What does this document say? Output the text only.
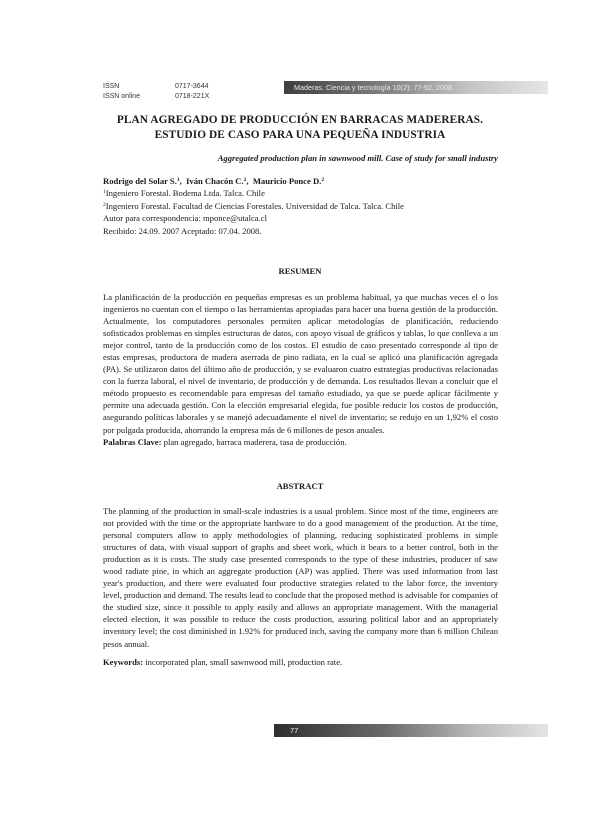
ISSN	0717-3644
ISSN online	0718-221X
Maderas. Ciencia y tecnología 10(2): 77-92, 2008
PLAN AGREGADO DE PRODUCCIÓN EN BARRACAS MADERERAS.
ESTUDIO DE CASO PARA UNA PEQUEÑA INDUSTRIA
Aggregated production plan in sawnwood mill. Case of study for small industry
Rodrigo del Solar S.$^1$,  Iván Chacón C.$^2$,  Mauricio Ponce D.$^2$
$^1$Ingeniero Forestal. Bodema Ltda. Talca. Chile
$^2$Ingeniero Forestal. Facultad de Ciencias Forestales. Universidad de Talca. Talca. Chile
Autor para correspondencia: mponce@utalca.cl
Recibido: 24.09. 2007 Aceptado: 07.04. 2008.
RESUMEN
La planificación de la producción en pequeñas empresas es un problema habitual, ya que muchas veces el o los ingenieros no cuentan con el tiempo o las herramientas apropiadas para hacer una buena gestión de la producción. Actualmente, los computadores personales permiten aplicar metodologías de planificación, reduciendo sofisticados problemas en simples estructuras de datos, con apoyo visual de gráficos y tablas, lo que conlleva a un mejor control, tanto de la producción como de los costos. El estudio de caso presentado corresponde al tipo de estas empresas, productora de madera aserrada de pino radiata, en la cual se aplicó una planificación agregada (PA). Se utilizaron datos del último año de producción, y se evaluaron cuatro estrategias productivas relacionadas con la fuerza laboral, el nivel de inventario, de producción y de demanda. Los resultados llevan a concluir que el método propuesto es recomendable para empresas del tamaño estudiado, ya que se puede aplicar fácilmente y permite una adecuada gestión. Con la elección empresarial elegida, fue posible reducir los costos de producción, asegurando políticas laborales y se manejó adecuadamente el nivel de inventario; se redujo en un 1,92% el costo por pulgada producida, ahorrando la empresa más de 6 millones de pesos anuales.
Palabras Clave: plan agregado, barraca maderera, tasa de producción.
ABSTRACT
The planning of the production in small-scale industries is a usual problem. Since most of the time, engineers are not provided with the time or the appropriate hardware to do a good management of the production. At the time, personal computers allow to apply methodologies of planning, reducing sophisticated problems in simple structures of data, with visual support of graphs and sheet work, which it bears to a better control, both in the production as it is costs. The study case presented corresponds to the type of these industries, producer of saw wood radiate pine, in which an aggregate production (AP) was applied. There was used information from last year's production, and there were evaluated four productive strategies related to the labor force, the inventory level, production and demand. The results lead to conclude that the proposed method is advisable for companies of the studied size, since it possible to apply easily and allows an appropriate management. With the managerial elected election, it was possible to reduce the costs production, assuring political labor and an appropriately inventory level; the cost diminished in 1.92% for produced inch, saving the company more than 6 million Chilean pesos annual.
Keywords: incorporated plan, small sawnwood mill, production rate.
77
